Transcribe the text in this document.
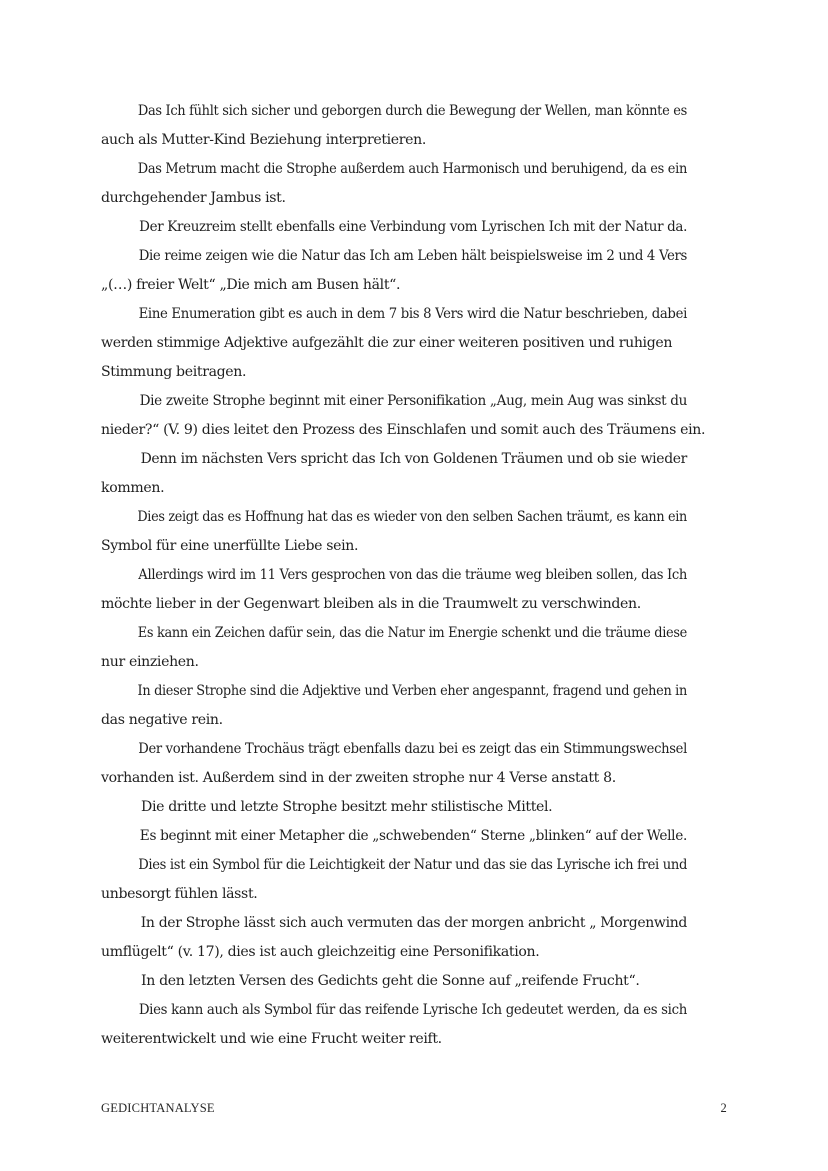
Das Ich fühlt sich sicher und geborgen durch die Bewegung der Wellen, man könnte es
auch als Mutter-Kind Beziehung interpretieren.

Das Metrum macht die Strophe außerdem auch Harmonisch und beruhigend, da es ein
durchgehender Jambus ist.

Der Kreuzreim stellt ebenfalls eine Verbindung vom Lyrischen Ich mit der Natur da.

Die reime zeigen wie die Natur das Ich am Leben hält beispielsweise im 2 und 4 Vers
„(…) freier Welt“ „Die mich am Busen hält“.

Eine Enumeration gibt es auch in dem 7 bis 8 Vers wird die Natur beschrieben, dabei
werden stimmige Adjektive aufgezählt die zur einer weiteren positiven und ruhigen
Stimmung beitragen.

Die zweite Strophe beginnt mit einer Personifikation „Aug, mein Aug was sinkst du
nieder?“ (V. 9) dies leitet den Prozess des Einschlafen und somit auch des Träumens ein.

Denn im nächsten Vers spricht das Ich von Goldenen Träumen und ob sie wieder
kommen.

Dies zeigt das es Hoffnung hat das es wieder von den selben Sachen träumt, es kann ein
Symbol für eine unerfüllte Liebe sein.

Allerdings wird im 11 Vers gesprochen von das die träume weg bleiben sollen, das Ich
möchte lieber in der Gegenwart bleiben als in die Traumwelt zu verschwinden.

Es kann ein Zeichen dafür sein, das die Natur im Energie schenkt und die träume diese
nur einziehen.

In dieser Strophe sind die Adjektive und Verben eher angespannt, fragend und gehen in
das negative rein.

Der vorhandene Trochäus trägt ebenfalls dazu bei es zeigt das ein Stimmungswechsel
vorhanden ist. Außerdem sind in der zweiten strophe nur 4 Verse anstatt 8.

Die dritte und letzte Strophe besitzt mehr stilistische Mittel.

Es beginnt mit einer Metapher die „schwebenden“ Sterne „blinken“ auf der Welle.

Dies ist ein Symbol für die Leichtigkeit der Natur und das sie das Lyrische ich frei und
unbesorgt fühlen lässt.

In der Strophe lässt sich auch vermuten das der morgen anbricht „ Morgenwind
umflügelt“ (v. 17), dies ist auch gleichzeitig eine Personifikation.

In den letzten Versen des Gedichts geht die Sonne auf „reifende Frucht“.

Dies kann auch als Symbol für das reifende Lyrische Ich gedeutet werden, da es sich
weiterentwickelt und wie eine Frucht weiter reift.

GEDICHTANALYSE	2
